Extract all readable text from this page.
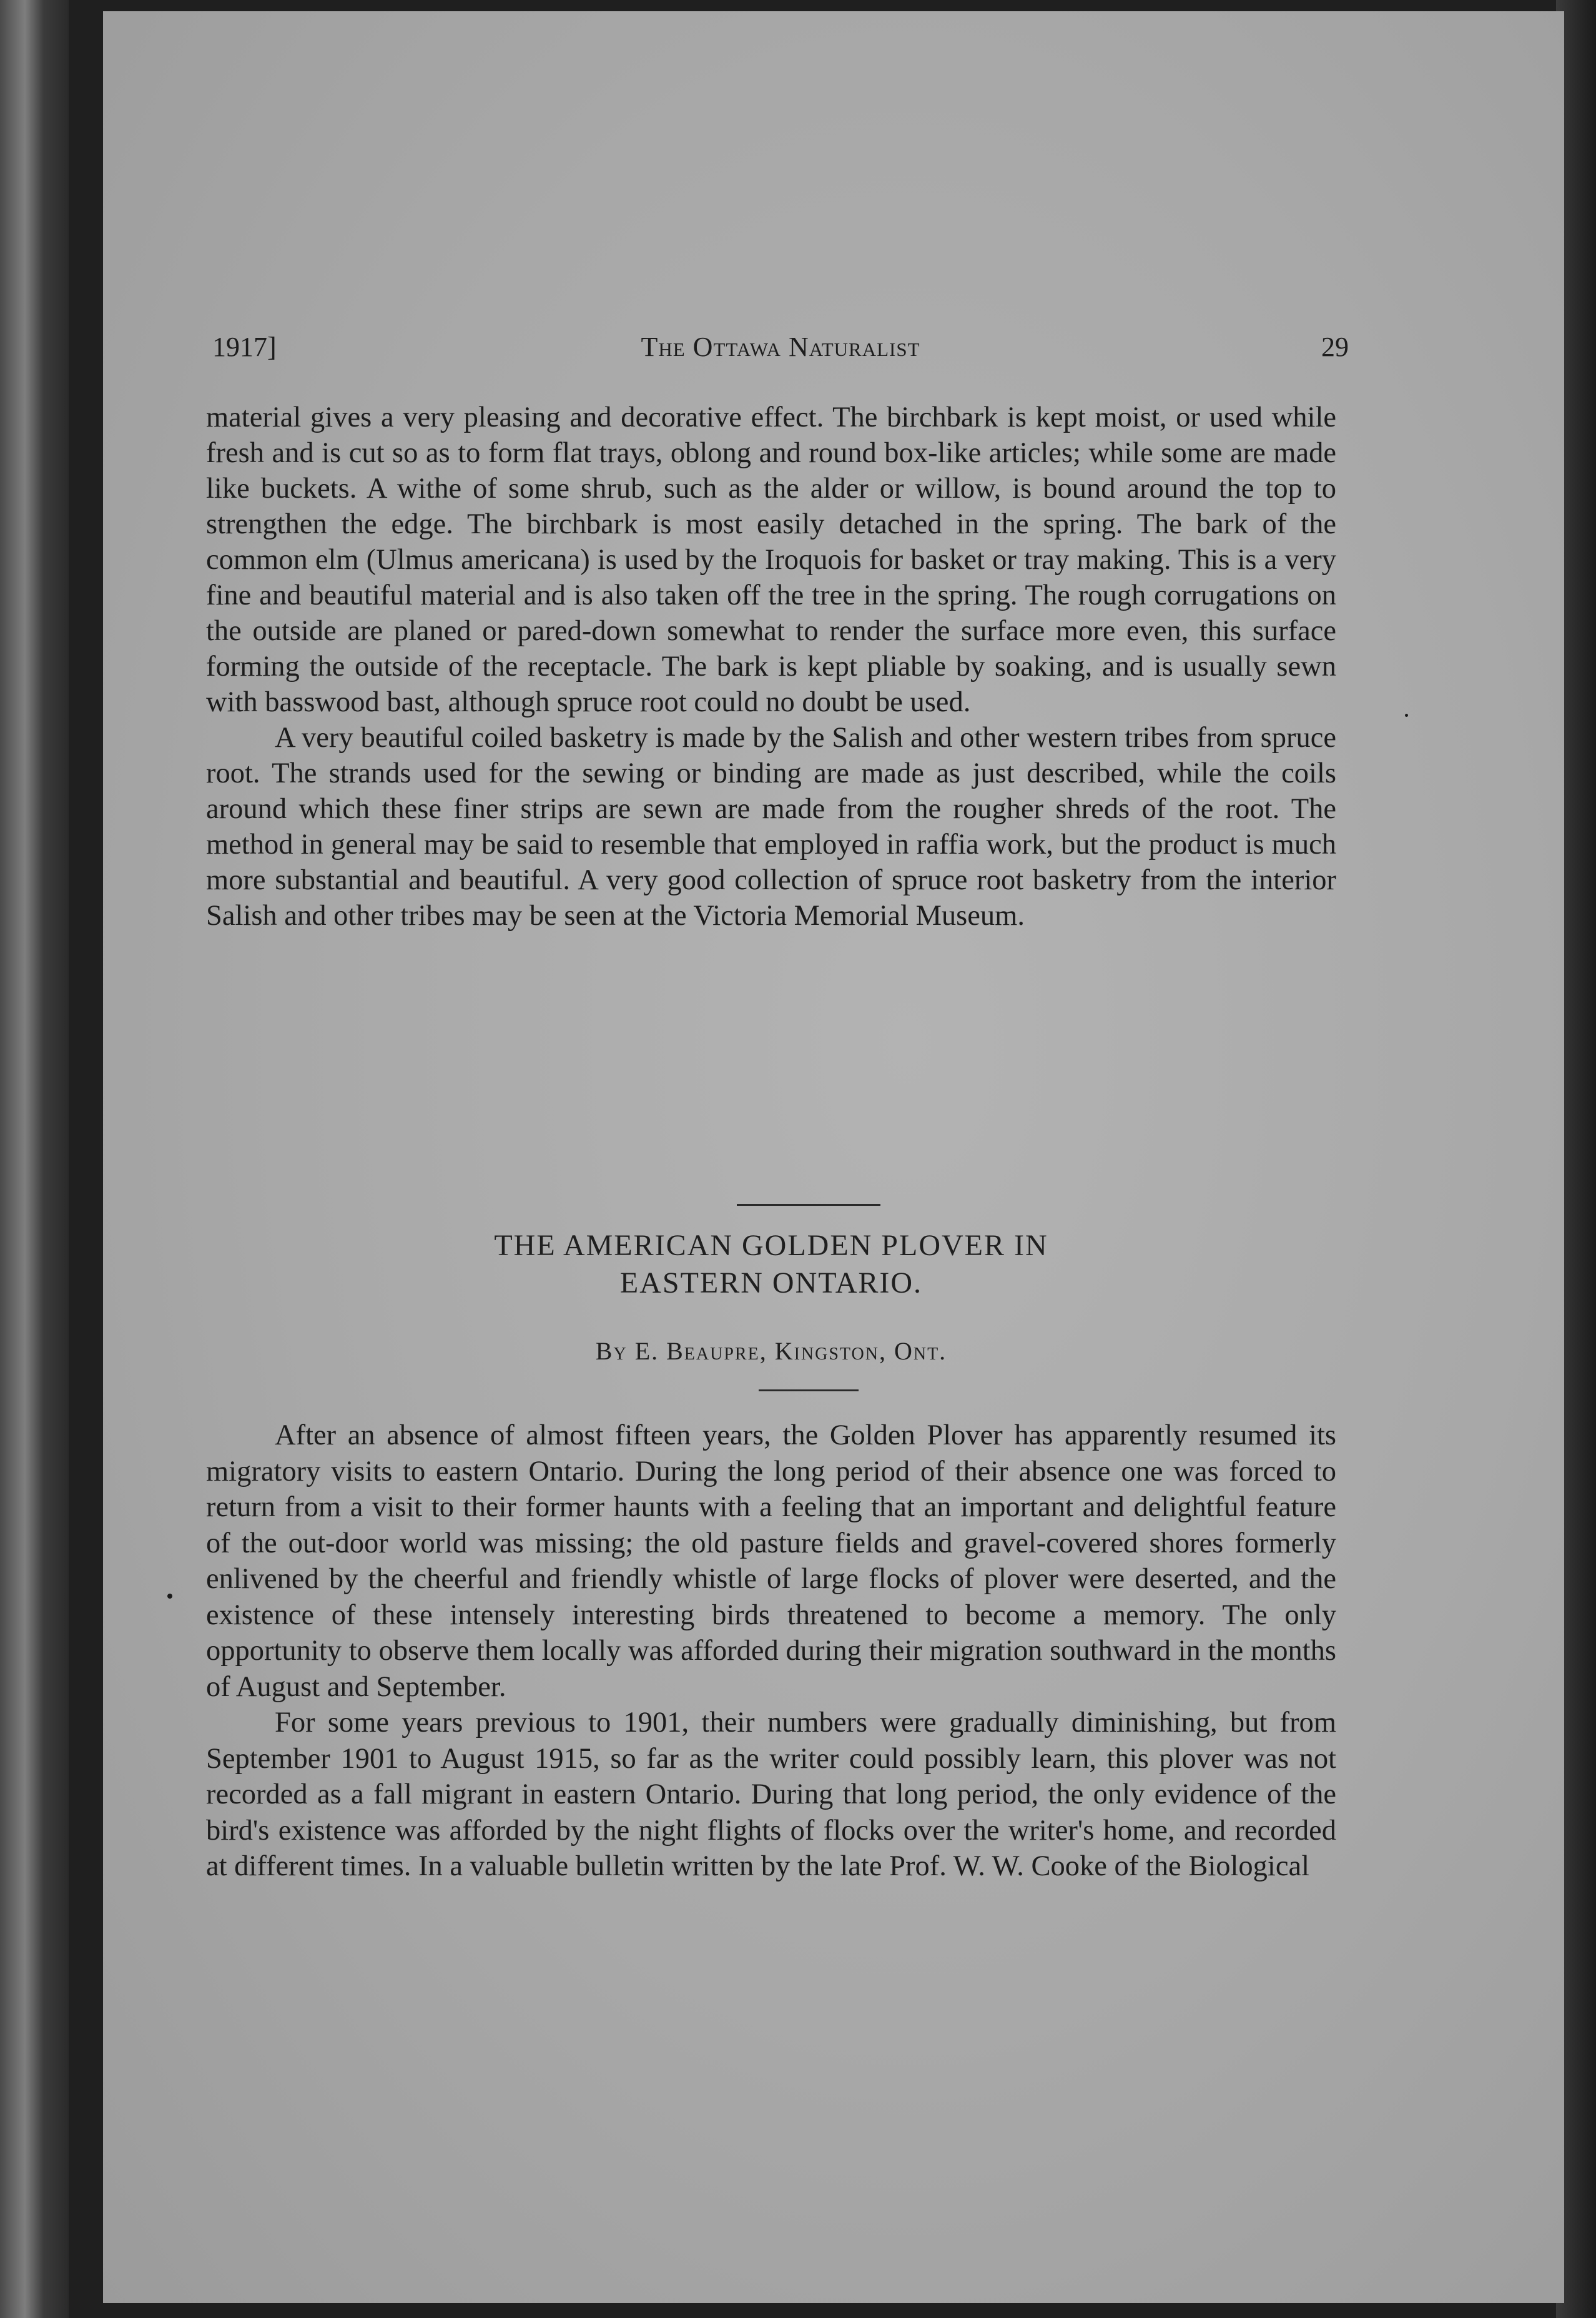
1917]	The Ottawa Naturalist	29

material gives a very pleasing and decorative effect. The birchbark is kept moist, or used while fresh and is cut so as to form flat trays, oblong and round box-like articles; while some are made like buckets. A withe of some shrub, such as the alder or willow, is bound around the top to strengthen the edge. The birchbark is most easily detached in the spring. The bark of the common elm (Ulmus americana) is used by the Iroquois for basket or tray making. This is a very fine and beautiful material and is also taken off the tree in the spring. The rough corrugations on the outside are planed or pared-down somewhat to render the surface more even, this surface forming the outside of the receptacle. The bark is kept pliable by soaking, and is usually sewn with basswood bast, although spruce root could no doubt be used.

A very beautiful coiled basketry is made by the Salish and other western tribes from spruce root. The strands used for the sewing or binding are made as just described, while the coils around which these finer strips are sewn are made from the rougher shreds of the root. The method in general may be said to resemble that employed in raffia work, but the product is much more substantial and beautiful. A very good collection of spruce root basketry from the interior Salish and other tribes may be seen at the Victoria Memorial Museum.

THE AMERICAN GOLDEN PLOVER IN
EASTERN ONTARIO.
By E. Beaupre, Kingston, Ont.

After an absence of almost fifteen years, the Golden Plover has apparently resumed its migratory visits to eastern Ontario. During the long period of their absence one was forced to return from a visit to their former haunts with a feeling that an important and delightful feature of the out-door world was missing; the old pasture fields and gravel-covered shores formerly enlivened by the cheerful and friendly whistle of large flocks of plover were deserted, and the existence of these intensely interesting birds threatened to become a memory. The only opportunity to observe them locally was afforded during their migration southward in the months of August and September.

For some years previous to 1901, their numbers were gradually diminishing, but from September 1901 to August 1915, so far as the writer could possibly learn, this plover was not recorded as a fall migrant in eastern Ontario. During that long period, the only evidence of the bird's existence was afforded by the night flights of flocks over the writer's home, and recorded at different times. In a valuable bulletin written by the late Prof. W. W. Cooke of the Biological
